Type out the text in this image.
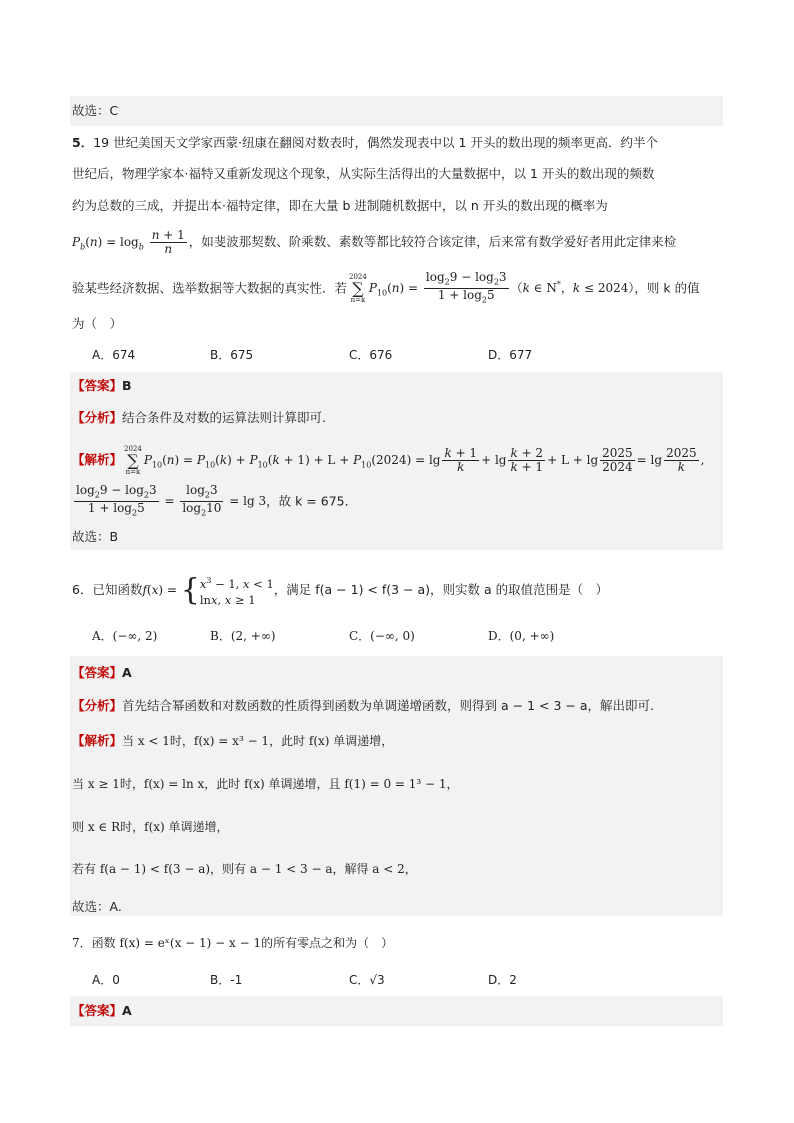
故选：C
5．19 世纪美国天文学家西蒙·纽康在翻阅对数表时，偶然发现表中以 1 开头的数出现的频率更高．约半个
世纪后，物理学家本·福特又重新发现这个现象，从实际生活得出的大量数据中，以 1 开头的数出现的频数
约为总数的三成，并提出本·福特定律，即在大量 b 进制随机数据中，以 n 开头的数出现的概率为
$P_b(n) = \log_b \frac{n + 1}{n}$ ，如斐波那契数、阶乘数、素数等都比较符合该定律，后来常有数学爱好者用此定律来检
验某些经济数据、选举数据等大数据的真实性．若
2024
∑
n=k
$P_{10}(n) = \frac{\log_29 - \log_23}{1 + \log_25} (k$ ∈ N*，k ≤ 2024），则 k 的值
为（　）
A．674	B．675	C．676	D．677
【答案】B
【分析】结合条件及对数的运算法则计算即可.
【解析】
2024
∑
n=k
$P_{10}(n) = P_{10}(k) + P_{10}(k + 1) + L + P_{10}(2024) = \lg \frac{k + 1}{k} + \lg \frac{k + 2}{k + 1} + L + \lg \frac{2025}{2024} = \lg \frac{2025}{k}$ ,
$\frac{\log_29 - \log_23}{1 + \log_25} = \frac{\log_23}{\log_210} = \lg 3$，故 k = 675．
故选：B
6．已知函数f(x) = { $x^3 - 1$, x < 1
lnx, x ≥ 1
，满足 f(a − 1) < f(3 − a)，则实数 a 的取值范围是（　）
A．(−∞, 2)	B．(2, +∞)	C．(−∞, 0)	D．(0, +∞)
【答案】A
【分析】首先结合幂函数和对数函数的性质得到函数为单调递增函数，则得到 a − 1 < 3 − a，解出即可.
【解析】当 x < 1时，f(x) = x³ − 1，此时 f(x) 单调递增，
当 x ≥ 1时，f(x) = ln x，此时 f(x) 单调递增，且 f(1) = 0 = 1³ − 1，
则 x ∈ R时，f(x) 单调递增，
若有 f(a − 1) < f(3 − a)，则有 a − 1 < 3 − a，解得 a < 2，
故选：A.
7．函数 f(x) = eˣ(x − 1) − x − 1的所有零点之和为（　）
A．0	B．-1	C．√3	D．2
【答案】A
